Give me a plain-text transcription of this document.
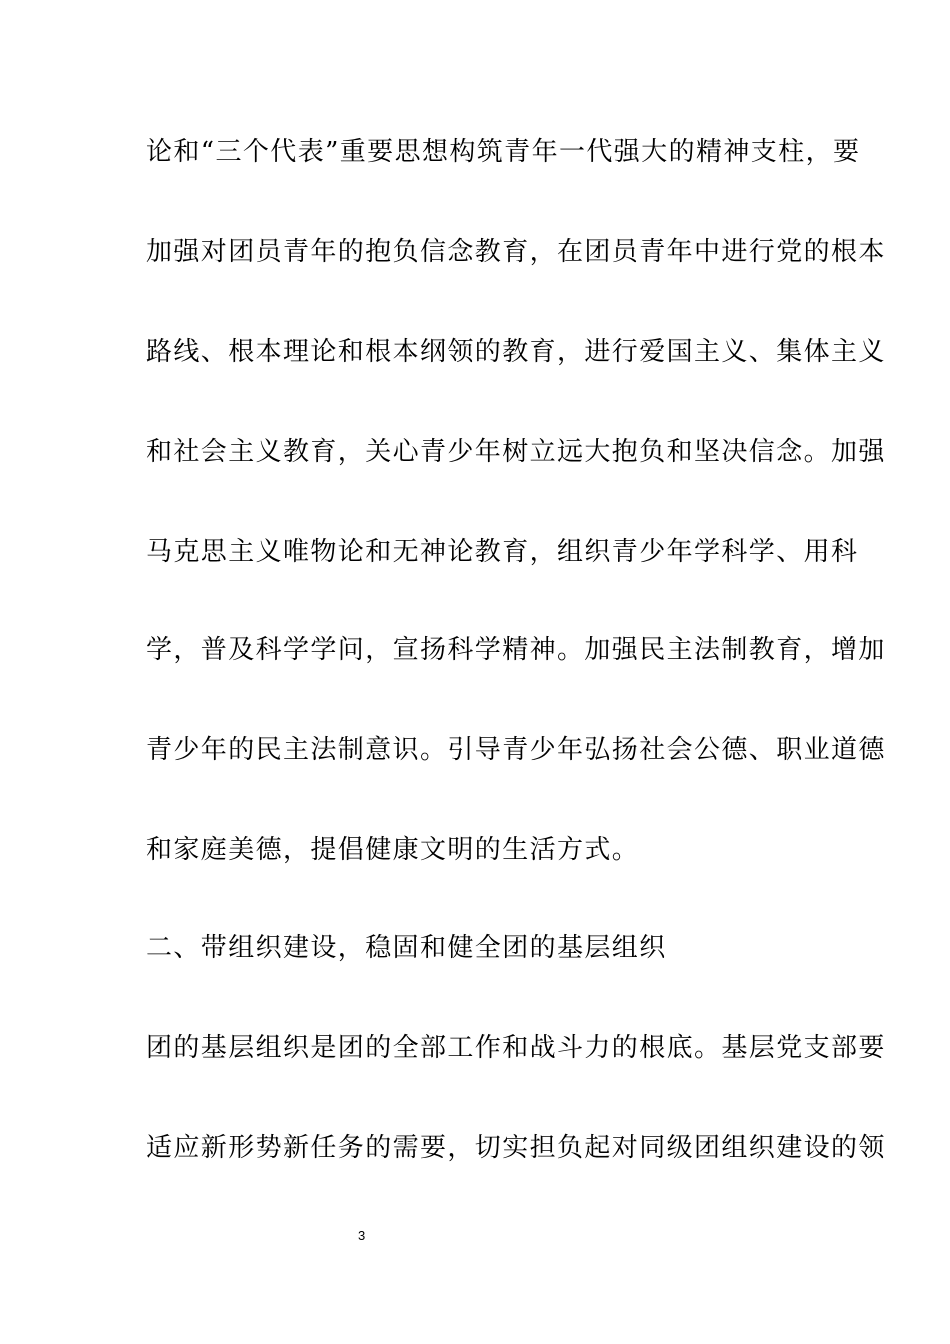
论和“三个代表”重要思想构筑青年一代强大的精神支柱，要
加强对团员青年的抱负信念教育，在团员青年中进行党的根本
路线、根本理论和根本纲领的教育，进行爱国主义、集体主义
和社会主义教育，关心青少年树立远大抱负和坚决信念。加强
马克思主义唯物论和无神论教育，组织青少年学科学、用科
学，普及科学学问，宣扬科学精神。加强民主法制教育，增加
青少年的民主法制意识。引导青少年弘扬社会公德、职业道德
和家庭美德，提倡健康文明的生活方式。
二、带组织建设，稳固和健全团的基层组织
团的基层组织是团的全部工作和战斗力的根底。基层党支部要
适应新形势新任务的需要，切实担负起对同级团组织建设的领
3
